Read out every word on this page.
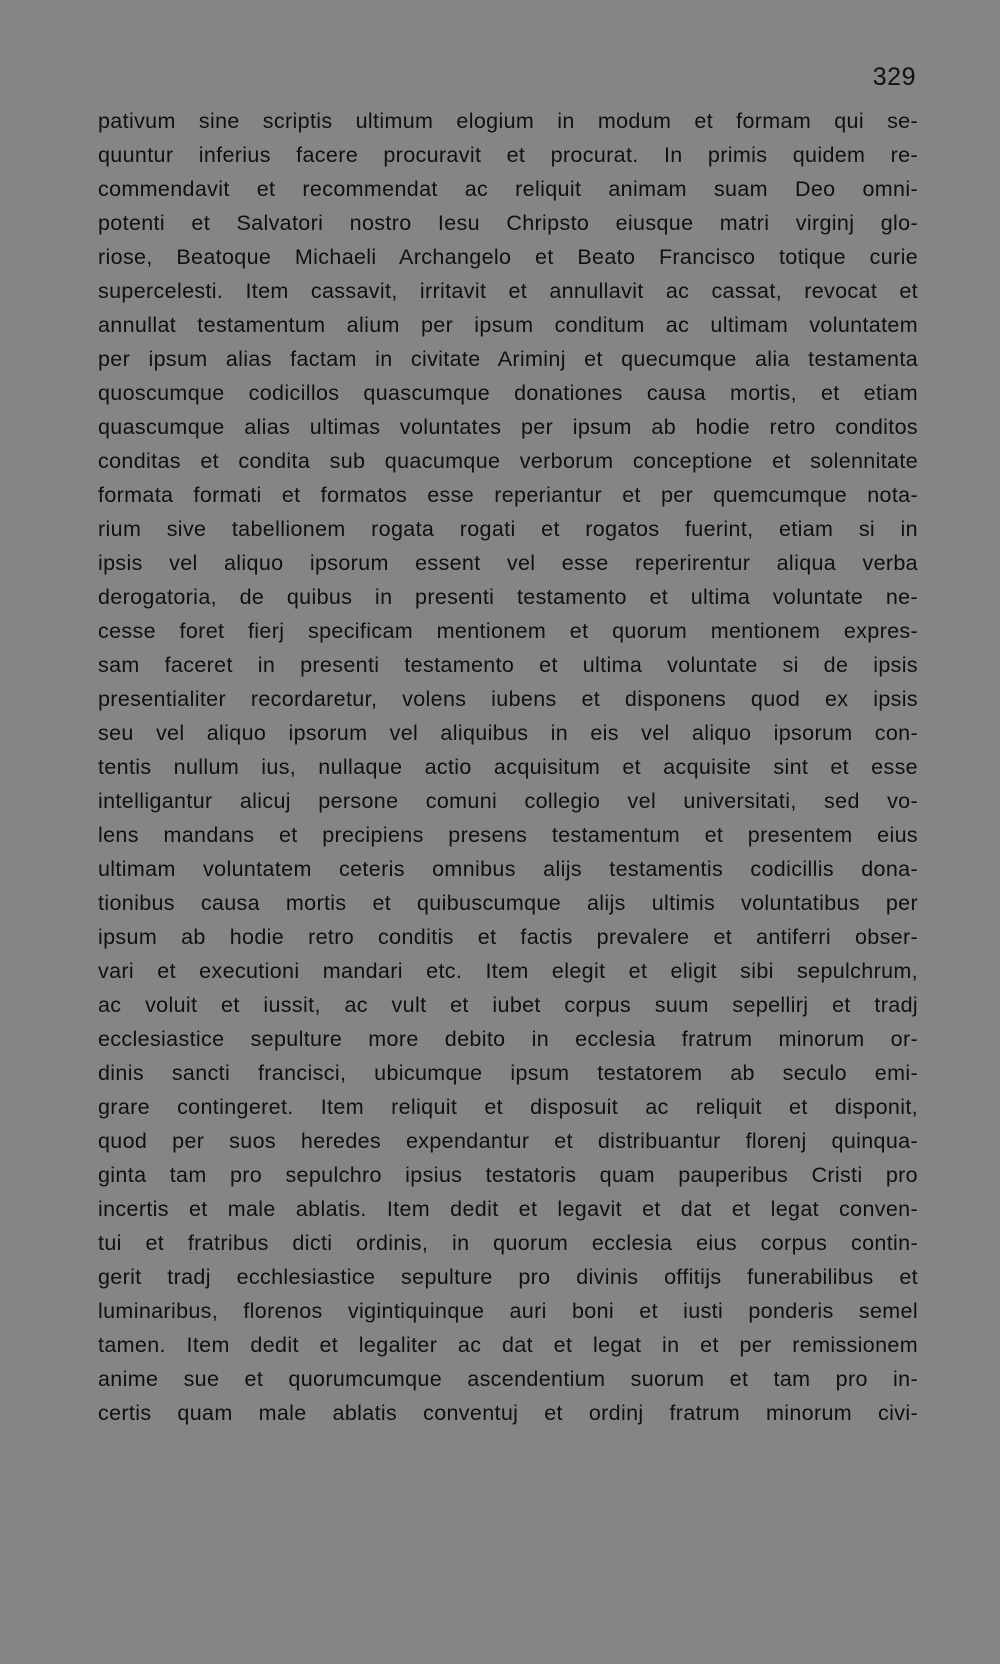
329
pativum sine scriptis ultimum elogium in modum et formam qui se-
quuntur inferius facere procuravit et procurat. In primis quidem re-
commendavit et recommendat ac reliquit animam suam Deo omni-
potenti et Salvatori nostro Iesu Chripsto eiusque matri virginj glo-
riose, Beatoque Michaeli Archangelo et Beato Francisco totique curie
supercelesti. Item cassavit, irritavit et annullavit ac cassat, revocat et
annullat testamentum alium per ipsum conditum ac ultimam voluntatem
per ipsum alias factam in civitate Ariminj et quecumque alia testamenta
quoscumque codicillos quascumque donationes causa mortis, et etiam
quascumque alias ultimas voluntates per ipsum ab hodie retro conditos
conditas et condita sub quacumque verborum conceptione et solennitate
formata formati et formatos esse reperiantur et per quemcumque nota-
rium sive tabellionem rogata rogati et rogatos fuerint, etiam si in
ipsis vel aliquo ipsorum essent vel esse reperirentur aliqua verba
derogatoria, de quibus in presenti testamento et ultima voluntate ne-
cesse foret fierj specificam mentionem et quorum mentionem expres-
sam faceret in presenti testamento et ultima voluntate si de ipsis
presentialiter recordaretur, volens iubens et disponens quod ex ipsis
seu vel aliquo ipsorum vel aliquibus in eis vel aliquo ipsorum con-
tentis nullum ius, nullaque actio acquisitum et acquisite sint et esse
intelligantur alicuj persone comuni collegio vel universitati, sed vo-
lens mandans et precipiens presens testamentum et presentem eius
ultimam voluntatem ceteris omnibus alijs testamentis codicillis dona-
tionibus causa mortis et quibuscumque alijs ultimis voluntatibus per
ipsum ab hodie retro conditis et factis prevalere et antiferri obser-
vari et executioni mandari etc. Item elegit et eligit sibi sepulchrum,
ac voluit et iussit, ac vult et iubet corpus suum sepellirj et tradj
ecclesiastice sepulture more debito in ecclesia fratrum minorum or-
dinis sancti francisci, ubicumque ipsum testatorem ab seculo emi-
grare contingeret. Item reliquit et disposuit ac reliquit et disponit,
quod per suos heredes expendantur et distribuantur florenj quinqua-
ginta tam pro sepulchro ipsius testatoris quam pauperibus Cristi pro
incertis et male ablatis. Item dedit et legavit et dat et legat conven-
tui et fratribus dicti ordinis, in quorum ecclesia eius corpus contin-
gerit tradj ecchlesiastice sepulture pro divinis offitijs funerabilibus et
luminaribus, florenos vigintiquinque auri boni et iusti ponderis semel
tamen. Item dedit et legaliter ac dat et legat in et per remissionem
anime sue et quorumcumque ascendentium suorum et tam pro in-
certis quam male ablatis conventuj et ordinj fratrum minorum civi-
